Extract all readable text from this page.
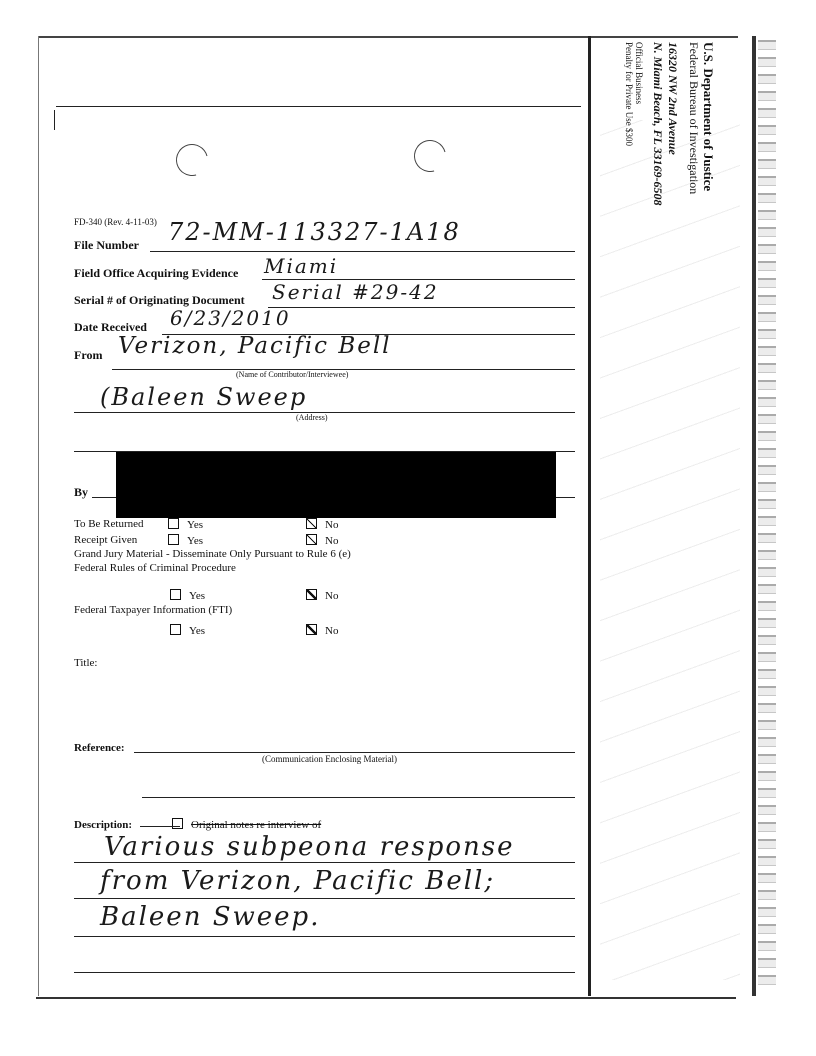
U.S. Department of Justice
Federal Bureau of Investigation
16320 NW 2nd Avenue
N. Miami Beach, FL 33169-6508
Official Business
Penalty for Private Use $300
FD-340 (Rev. 4-11-03)
File Number 72-MM-113327-1A18
Field Office Acquiring Evidence Miami
Serial # of Originating Document Serial #29-42
Date Received 6/23/2010
From Verizon, Pacific Bell
(Name of Contributor/Interviewee)
(Baleen Sweep
(Address)
By
To Be Returned	Yes	No
Receipt Given	Yes	No
Grand Jury Material - Disseminate Only Pursuant to Rule 6 (e)
Federal Rules of Criminal Procedure
Yes	No
Federal Taxpayer Information (FTI)
Yes	No
Title:
Reference:
(Communication Enclosing Material)
Description:	Original notes re interview of
Various subpeona response
from Verizon, Pacific Bell;
Baleen Sweep.
